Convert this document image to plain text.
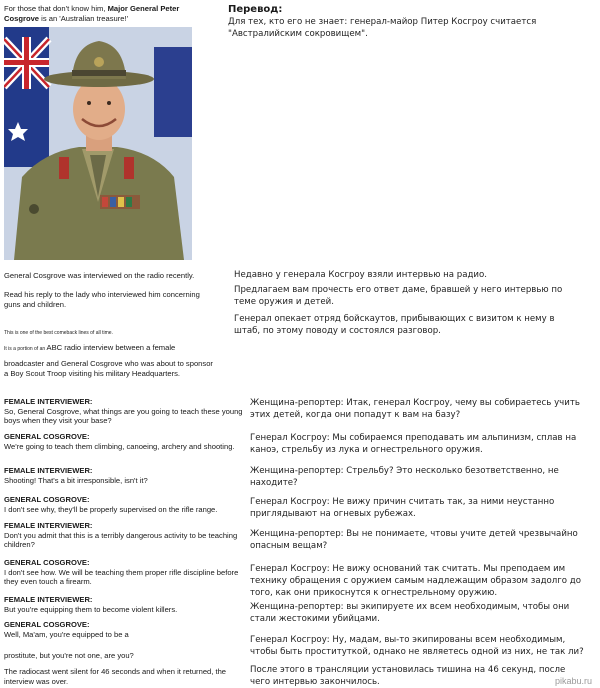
For those that don't know him, Major General Peter Cosgrove is an 'Australian treasure!'
General Cosgrove was interviewed on the radio recently.
Read his reply to the lady who interviewed him concerning guns and children.
This is one of the best comeback lines of all time.
It is a portion of an ABC radio interview between a female
broadcaster and General Cosgrove who was about to sponsor a Boy Scout Troop visiting his military Headquarters.
FEMALE INTERVIEWER:
So, General Cosgrove, what things are you going to teach these young boys when they visit your base?
GENERAL COSGROVE:
We're going to teach them climbing, canoeing, archery and shooting.
FEMALE INTERVIEWER:
Shooting! That's a bit irresponsible, isn't it?
GENERAL COSGROVE:
I don't see why, they'll be properly supervised on the rifle range.
FEMALE INTERVIEWER:
Don't you admit that this is a terribly dangerous activity to be teaching children?
GENERAL COSGROVE:
I don't see how. We will be teaching them proper rifle discipline before they even touch a firearm.
FEMALE INTERVIEWER:
But you're equipping them to become violent killers.
GENERAL COSGROVE:
Well, Ma'am, you're equipped to be a
prostitute, but you're not one, are you?
The radiocast went silent for 46 seconds and when it returned, the interview was over.
Перевод:
Для тех, кто его не знает: генерал-майор Питер Косгроу считается "Австралийским сокровищем".
Недавно у генерала Косгроу взяли интервью на радио.
Предлагаем вам прочесть его ответ даме, бравшей у него интервью по теме оружия и детей.
Генерал опекает отряд бойскаутов, прибывающих с визитом к нему в штаб, по этому поводу и состоялся разговор.
Женщина-репортер: Итак, генерал Косгроу, чему вы собираетесь учить этих детей, когда они попадут к вам на базу?
Генерал Косгроу: Мы собираемся преподавать им альпинизм, сплав на каноэ, стрельбу из лука и огнестрельного оружия.
Женщина-репортер: Стрельбу? Это несколько безответственно, не находите?
Генерал Косгроу: Не вижу причин считать так, за ними неустанно приглядывают на огневых рубежах.
Женщина-репортер: Вы не понимаете, чтовы учите детей чрезвычайно опасным вещам?
Генерал Косгроу: Не вижу оснований так считать. Мы преподаем им технику обращения с оружием самым надлежащим образом задолго до того, как они прикоснутся к огнестрельному оружию.
Женщина-репортер: вы экипируете их всем необходимым, чтобы они стали жестокими убийцами.
Генерал Косгроу: Ну, мадам, вы-то экипированы всем необходимым, чтобы быть проституткой, однако не являетесь одной из них, не так ли?
После этого в трансляции установилась тишина на 46 секунд, после чего интервью закончилось.	pikabu.ru
